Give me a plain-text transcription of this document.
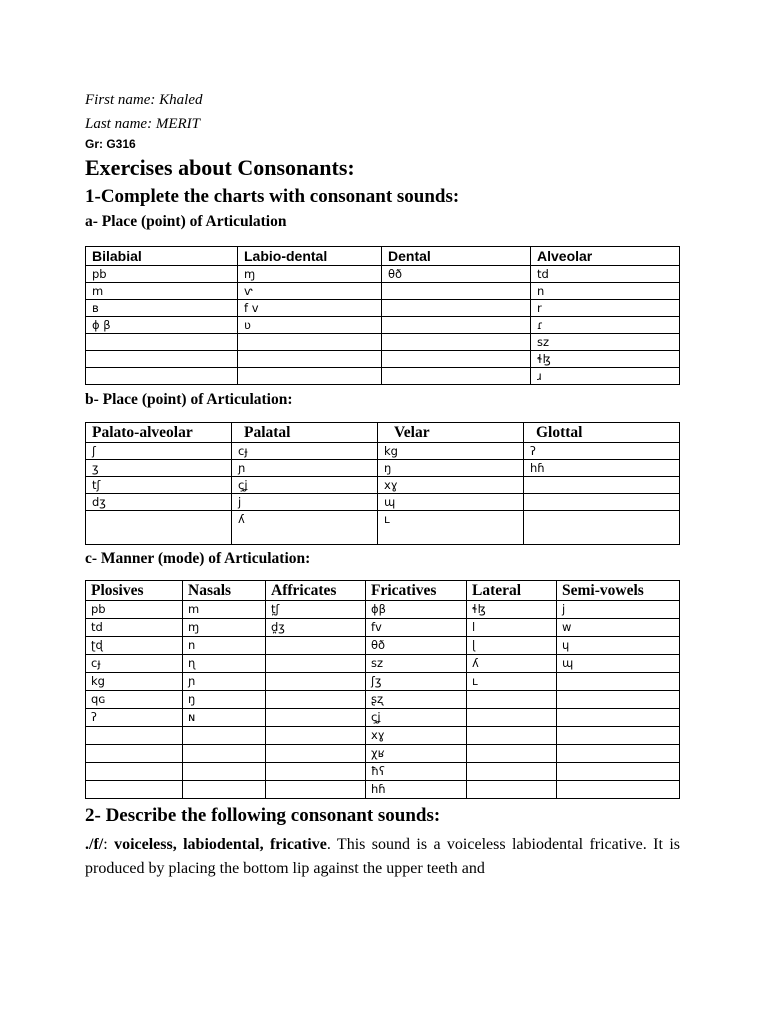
First name: Khaled
Last name: MERIT
Gr: G316
Exercises about Consonants:
1-Complete the charts with consonant sounds:
a- Place (point) of Articulation
Bilabial	Labio-dental	Dental	Alveolar
pb	ɱ	θð	td
m	ⱱ		n
ʙ	f v		r
ɸ β	ʋ		ɾ
			sz
			ɬɮ
			ɹ
b- Place (point) of Articulation:
Palato-alveolar	Palatal	Velar	Glottal
ʃ	cɟ	kg	ʔ
ʒ	ɲ	ŋ	hɦ
tʃ	çʝ	xɣ	
dʒ	j	ɰ	
	ʎ	ʟ	
c- Manner (mode) of Articulation:
Plosives	Nasals	Affricates	Fricatives	Lateral	Semi-vowels
pb	m	t̪ʃ	ɸβ	ɬɮ	j
td	ɱ	d̪ʒ	fv	l	w
ʈɖ	n		θð	ɭ	ɥ
cɟ	ɳ		sz	ʎ	ɰ
kg	ɲ		ʃʒ	ʟ	
qɢ	ŋ		ʂʐ		
ʔ	ɴ		çʝ		
			xɣ		
			χʁ		
			ħʕ		
			hɦ		
2- Describe the following consonant sounds:
./f/: voiceless, labiodental, fricative. This sound is a voiceless labiodental fricative. It is produced by placing the bottom lip against the upper teeth and
